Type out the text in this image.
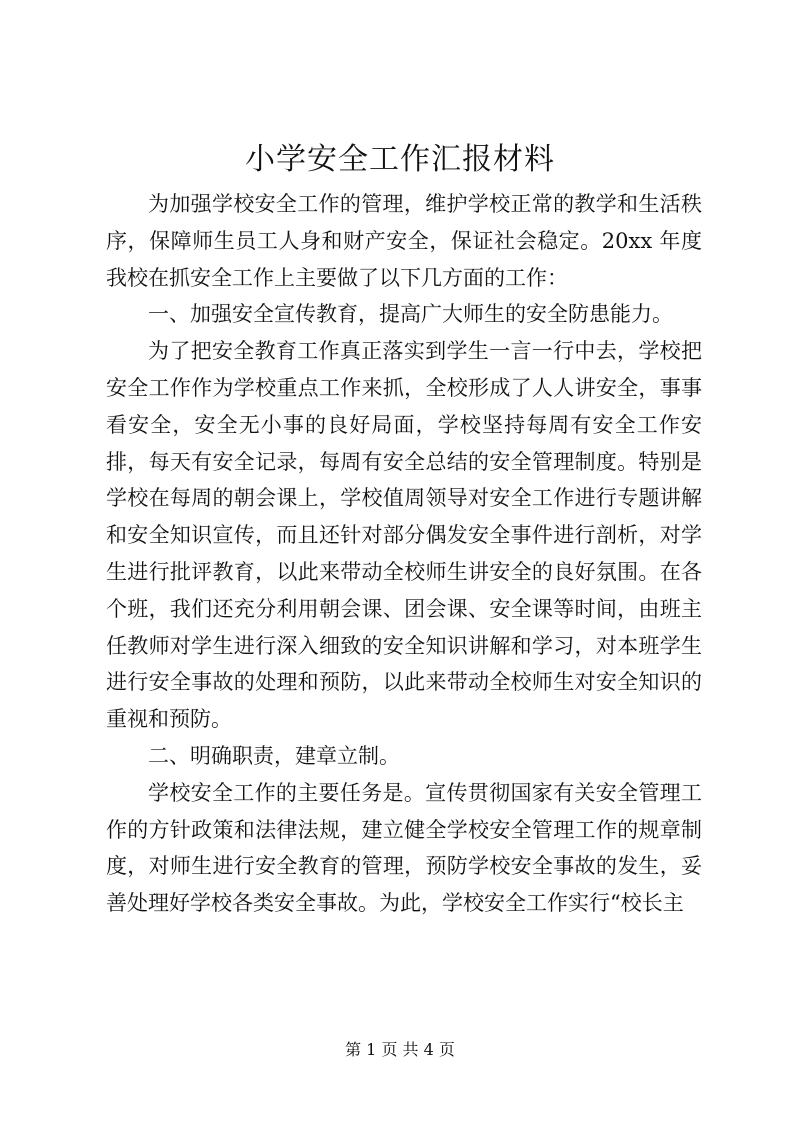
小学安全工作汇报材料

为加强学校安全工作的管理，维护学校正常的教学和生活秩序，保障师生员工人身和财产安全，保证社会稳定。20xx 年度我校在抓安全工作上主要做了以下几方面的工作：

一、加强安全宣传教育，提高广大师生的安全防患能力。

为了把安全教育工作真正落实到学生一言一行中去，学校把安全工作作为学校重点工作来抓，全校形成了人人讲安全，事事看安全，安全无小事的良好局面，学校坚持每周有安全工作安排，每天有安全记录，每周有安全总结的安全管理制度。特别是学校在每周的朝会课上，学校值周领导对安全工作进行专题讲解和安全知识宣传，而且还针对部分偶发安全事件进行剖析，对学生进行批评教育，以此来带动全校师生讲安全的良好氛围。在各个班，我们还充分利用朝会课、团会课、安全课等时间，由班主任教师对学生进行深入细致的安全知识讲解和学习，对本班学生进行安全事故的处理和预防，以此来带动全校师生对安全知识的重视和预防。

二、明确职责，建章立制。

学校安全工作的主要任务是。宣传贯彻国家有关安全管理工作的方针政策和法律法规，建立健全学校安全管理工作的规章制度，对师生进行安全教育的管理，预防学校安全事故的发生，妥善处理好学校各类安全事故。为此，学校安全工作实行“校长主

第 1 页 共 4 页
